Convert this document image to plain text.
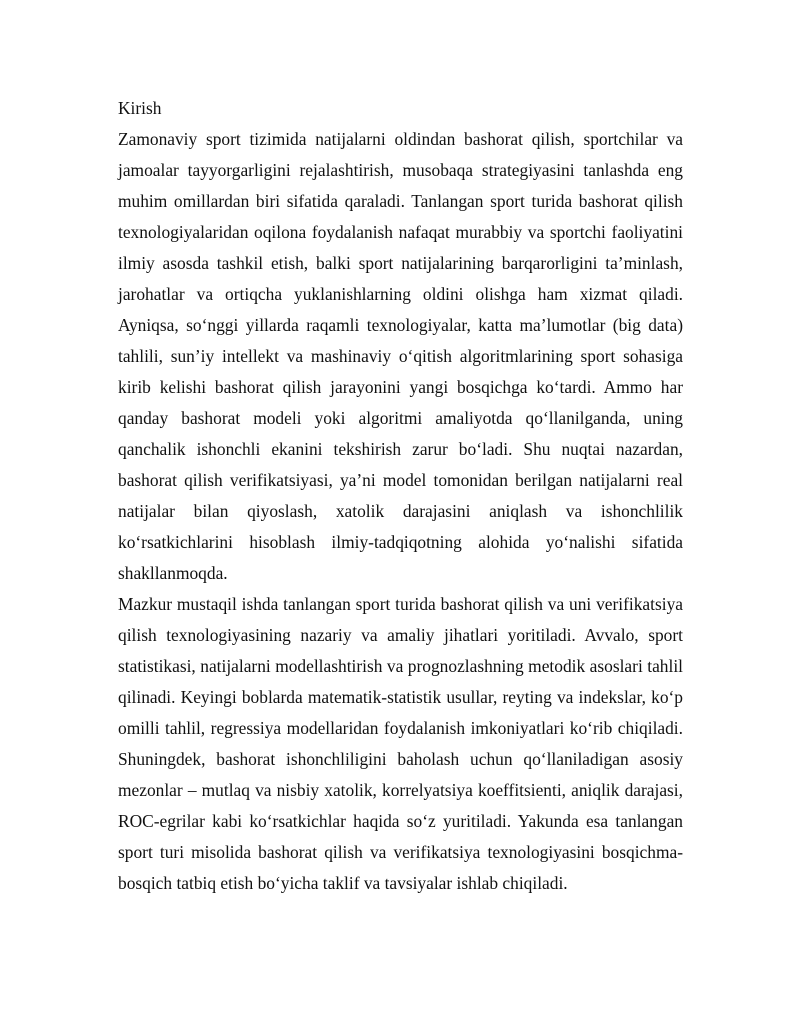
Kirish

Zamonaviy sport tizimida natijalarni oldindan bashorat qilish, sportchilar va jamoalar tayyorgarligini rejalashtirish, musobaqa strategiyasini tanlashda eng muhim omillardan biri sifatida qaraladi. Tanlangan sport turida bashorat qilish texnologiyalaridan oqilona foydalanish nafaqat murabbiy va sportchi faoliyatini ilmiy asosda tashkil etish, balki sport natijalarining barqarorligini ta’minlash, jarohatlar va ortiqcha yuklanishlarning oldini olishga ham xizmat qiladi. Ayniqsa, so‘nggi yillarda raqamli texnologiyalar, katta ma’lumotlar (big data) tahlili, sun’iy intellekt va mashinaviy o‘qitish algoritmlarining sport sohasiga kirib kelishi bashorat qilish jarayonini yangi bosqichga ko‘tardi. Ammo har qanday bashorat modeli yoki algoritmi amaliyotda qo‘llanilganda, uning qanchalik ishonchli ekanini tekshirish zarur bo‘ladi. Shu nuqtai nazardan, bashorat qilish verifikatsiyasi, ya’ni model tomonidan berilgan natijalarni real natijalar bilan qiyoslash, xatolik darajasini aniqlash va ishonchlilik ko‘rsatkichlarini hisoblash ilmiy-tadqiqotning alohida yo‘nalishi sifatida shakllanmoqda.

Mazkur mustaqil ishda tanlangan sport turida bashorat qilish va uni verifikatsiya qilish texnologiyasining nazariy va amaliy jihatlari yoritiladi. Avvalo, sport statistikasi, natijalarni modellashtirish va prognozlashning metodik asoslari tahlil qilinadi. Keyingi boblarda matematik-statistik usullar, reyting va indekslar, ko‘p omilli tahlil, regressiya modellaridan foydalanish imkoniyatlari ko‘rib chiqiladi. Shuningdek, bashorat ishonchliligini baholash uchun qo‘llaniladigan asosiy mezonlar – mutlaq va nisbiy xatolik, korrelyatsiya koeffitsienti, aniqlik darajasi, ROC-egrilar kabi ko‘rsatkichlar haqida so‘z yuritiladi. Yakunda esa tanlangan sport turi misolida bashorat qilish va verifikatsiya texnologiyasini bosqichma-bosqich tatbiq etish bo‘yicha taklif va tavsiyalar ishlab chiqiladi.
